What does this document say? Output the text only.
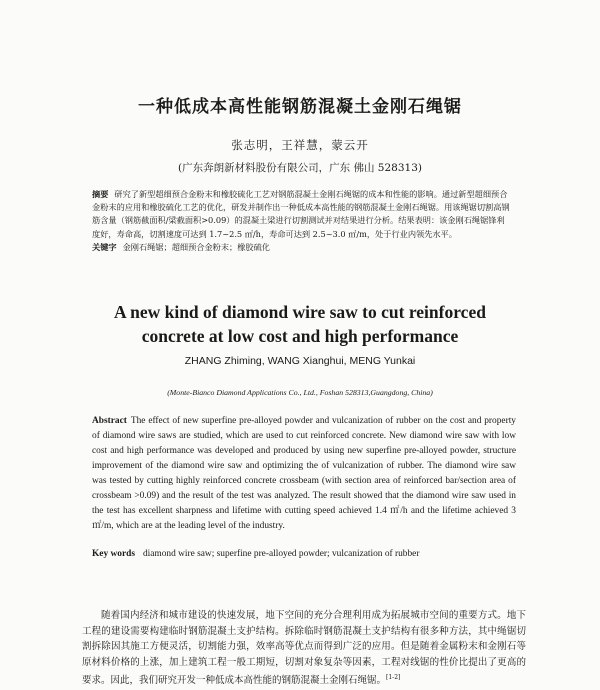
一种低成本高性能钢筋混凝土金刚石绳锯
张志明，王祥慧，蒙云开
(广东奔朗新材料股份有限公司，广东 佛山 528313)
摘要 研究了新型超细预合金粉末和橡胶硫化工艺对钢筋混凝土金刚石绳锯的成本和性能的影响。通过新型超细预合金粉末的应用和橡胶硫化工艺的优化，研发并制作出一种低成本高性能的钢筋混凝土金刚石绳锯。用该绳锯切割高钢筋含量（钢筋截面积/梁截面积>0.09）的混凝土梁进行切割测试并对结果进行分析。结果表明：该金刚石绳锯锋利度好，寿命高，切割速度可达到 1.7~2.5 ㎡/h，寿命可达到 2.5~3.0 ㎡/m，处于行业内领先水平。
关键字 金刚石绳锯；超细预合金粉末；橡胶硫化
A new kind of diamond wire saw to cut reinforced
concrete at low cost and high performance
ZHANG Zhiming, WANG Xianghui, MENG Yunkai
(Monte-Bianco Diamond Applications Co., Ltd., Foshan 528313,Guangdong, China)
Abstract The effect of new superfine pre-alloyed powder and vulcanization of rubber on the cost and property of diamond wire saws are studied, which are used to cut reinforced concrete. New diamond wire saw with low cost and high performance was developed and produced by using new superfine pre-alloyed powder, structure improvement of the diamond wire saw and optimizing the of vulcanization of rubber. The diamond wire saw was tested by cutting highly reinforced concrete crossbeam (with section area of reinforced bar/section area of crossbeam >0.09) and the result of the test was analyzed. The result showed that the diamond wire saw used in the test has excellent sharpness and lifetime with cutting speed achieved 1.4 ㎡/h and the lifetime achieved 3 ㎡/m, which are at the leading level of the industry.
Key words diamond wire saw; superfine pre-alloyed powder; vulcanization of rubber
随着国内经济和城市建设的快速发展，地下空间的充分合理利用成为拓展城市空间的重要方式。地下工程的建设需要构建临时钢筋混凝土支护结构。拆除临时钢筋混凝土支护结构有很多种方法，其中绳锯切割拆除因其施工方便灵活，切割能力强，效率高等优点而得到广泛的应用。但是随着金属粉末和金刚石等原材料价格的上涨，加上建筑工程一般工期短，切割对象复杂等因素，工程对线锯的性价比提出了更高的要求。因此，我们研究开发一种低成本高性能的钢筋混凝土金刚石绳锯。[1-2]
